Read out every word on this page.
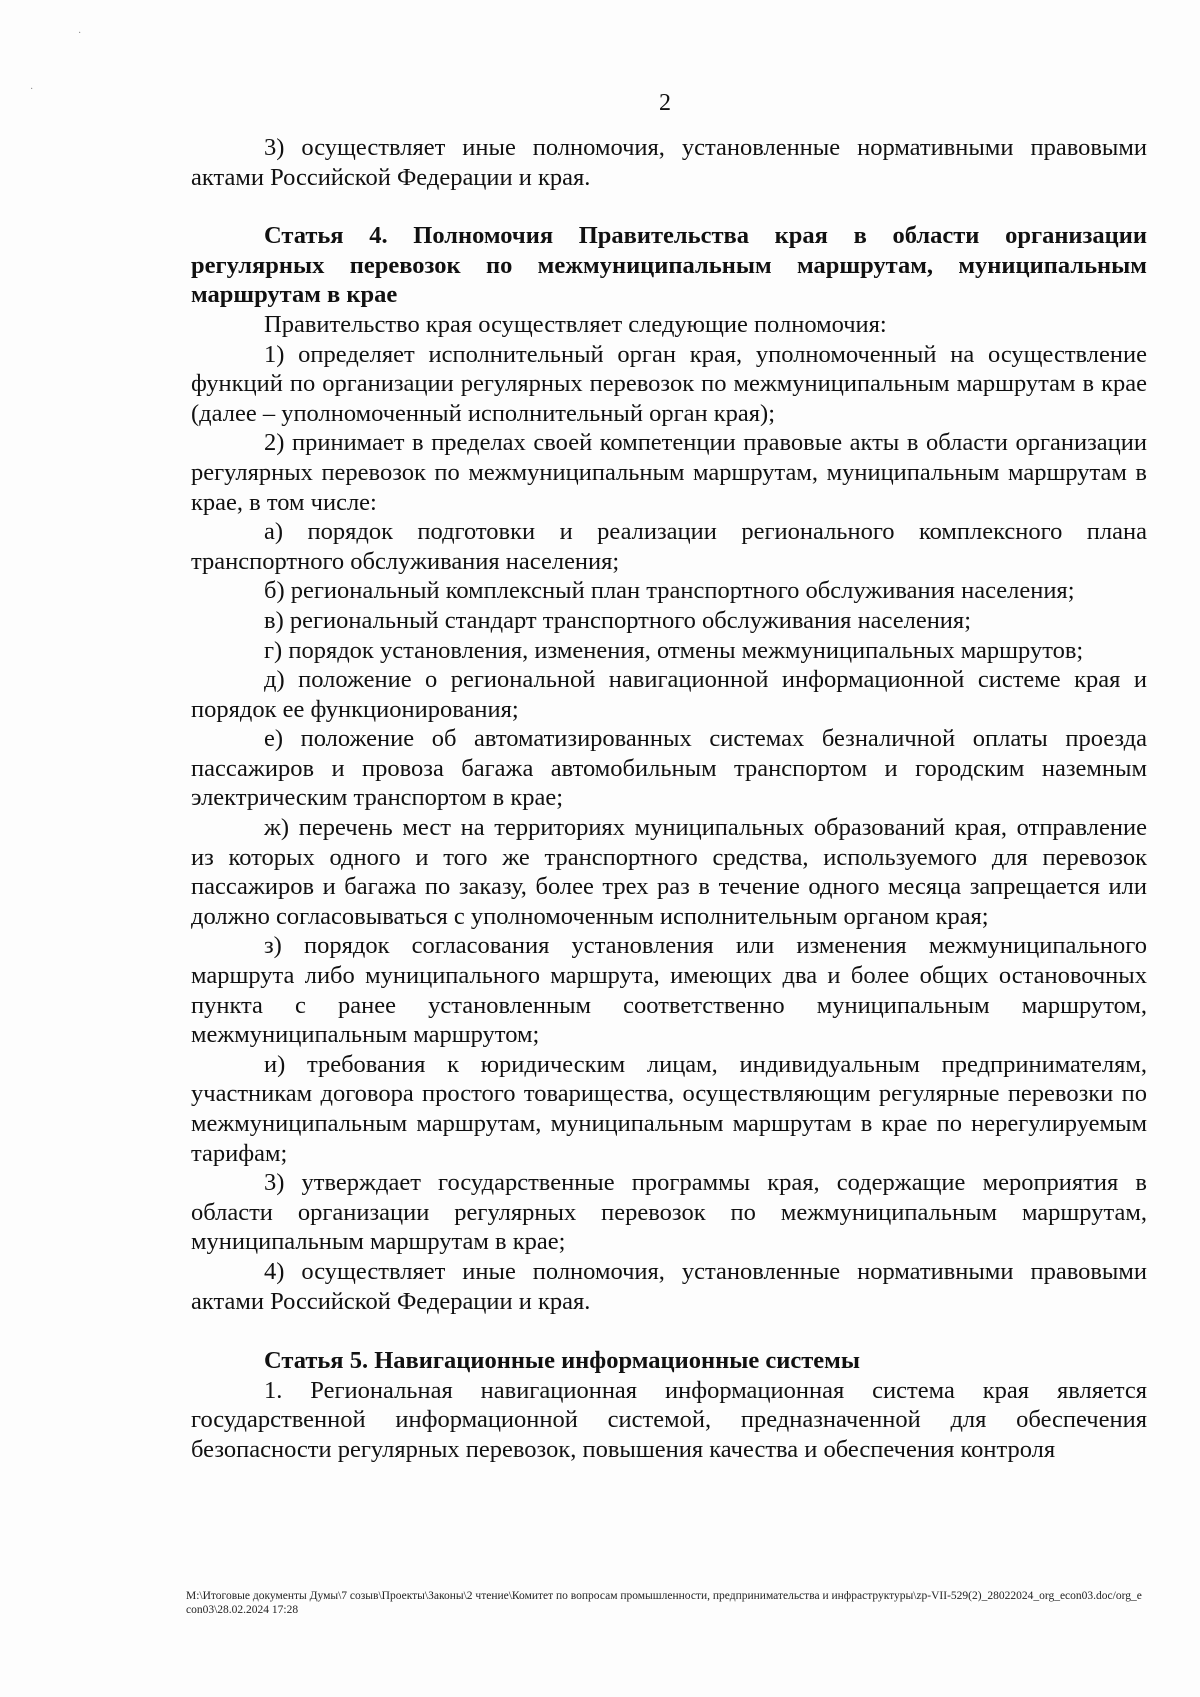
2

3) осуществляет иные полномочия, установленные нормативными правовыми актами Российской Федерации и края.

Статья 4. Полномочия Правительства края в области организации регулярных перевозок по межмуниципальным маршрутам, муниципальным маршрутам в крае

Правительство края осуществляет следующие полномочия:

1) определяет исполнительный орган края, уполномоченный на осуществление функций по организации регулярных перевозок по межмуниципальным маршрутам в крае (далее – уполномоченный исполнительный орган края);

2) принимает в пределах своей компетенции правовые акты в области организации регулярных перевозок по межмуниципальным маршрутам, муниципальным маршрутам в крае, в том числе:

а) порядок подготовки и реализации регионального комплексного плана транспортного обслуживания населения;

б) региональный комплексный план транспортного обслуживания населения;

в) региональный стандарт транспортного обслуживания населения;

г) порядок установления, изменения, отмены межмуниципальных маршрутов;

д) положение о региональной навигационной информационной системе края и порядок ее функционирования;

е) положение об автоматизированных системах безналичной оплаты проезда пассажиров и провоза багажа автомобильным транспортом и городским наземным электрическим транспортом в крае;

ж) перечень мест на территориях муниципальных образований края, отправление из которых одного и того же транспортного средства, используемого для перевозок пассажиров и багажа по заказу, более трех раз в течение одного месяца запрещается или должно согласовываться с уполномоченным исполнительным органом края;

з) порядок согласования установления или изменения межмуниципального маршрута либо муниципального маршрута, имеющих два и более общих остановочных пункта с ранее установленным соответственно муниципальным маршрутом, межмуниципальным маршрутом;

и) требования к юридическим лицам, индивидуальным предпринимателям, участникам договора простого товарищества, осуществляющим регулярные перевозки по межмуниципальным маршрутам, муниципальным маршрутам в крае по нерегулируемым тарифам;

3) утверждает государственные программы края, содержащие мероприятия в области организации регулярных перевозок по межмуниципальным маршрутам, муниципальным маршрутам в крае;

4) осуществляет иные полномочия, установленные нормативными правовыми актами Российской Федерации и края.

Статья 5. Навигационные информационные системы

1. Региональная навигационная информационная система края является государственной информационной системой, предназначенной для обеспечения безопасности регулярных перевозок, повышения качества и обеспечения контроля

M:\Итоговые документы Думы\7 созыв\Проекты\Законы\2 чтение\Комитет по вопросам промышленности, предпринимательства и инфраструктуры\zp-VII-529(2)_28022024_org_econ03.doc/org_econ03\28.02.2024 17:28
·
·
